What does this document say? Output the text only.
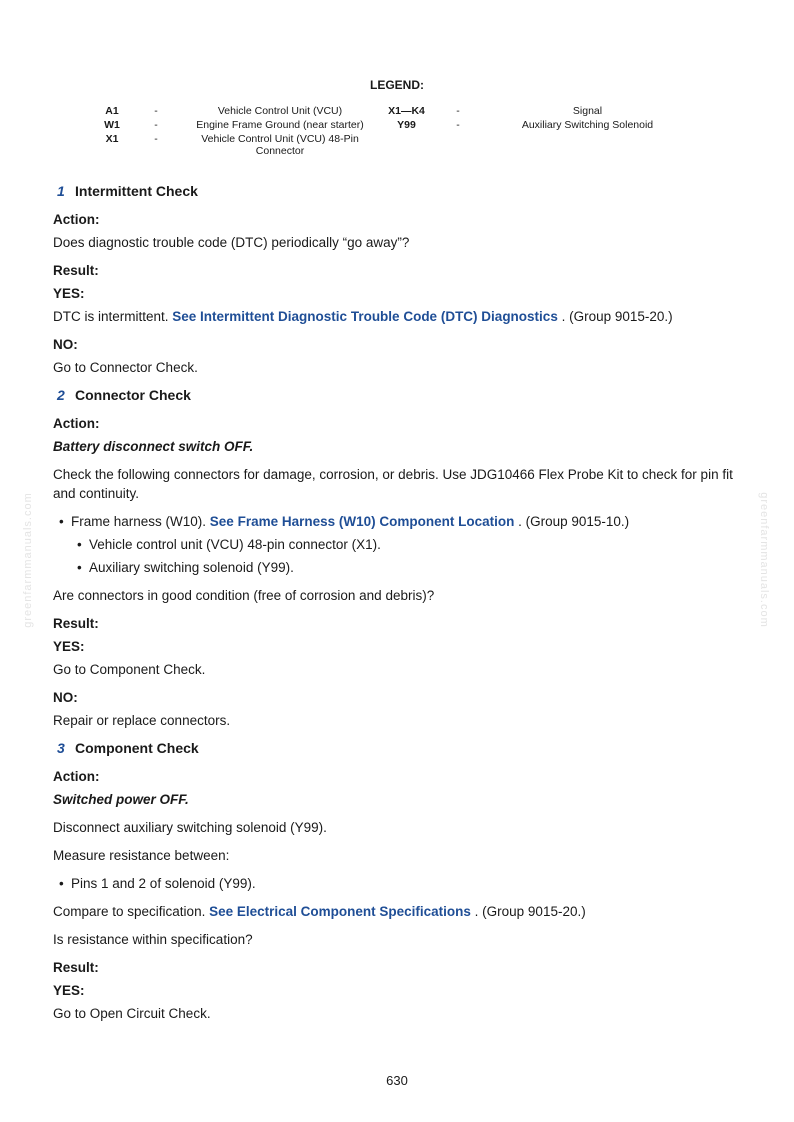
LEGEND:
A1	-	Vehicle Control Unit (VCU)	X1—K4	-	Signal
W1	-	Engine Frame Ground (near starter)	Y99	-	Auxiliary Switching Solenoid
X1	-	Vehicle Control Unit (VCU) 48-Pin Connector			
1 Intermittent Check
Action:
Does diagnostic trouble code (DTC) periodically “go away”?
Result:
YES:
DTC is intermittent. See Intermittent Diagnostic Trouble Code (DTC) Diagnostics . (Group 9015-20.)
NO:
Go to Connector Check.
2 Connector Check
Action:
Battery disconnect switch OFF.
Check the following connectors for damage, corrosion, or debris. Use JDG10466 Flex Probe Kit to check for pin fit and continuity.
• Frame harness (W10). See Frame Harness (W10) Component Location . (Group 9015-10.)
• Vehicle control unit (VCU) 48-pin connector (X1).
• Auxiliary switching solenoid (Y99).
Are connectors in good condition (free of corrosion and debris)?
Result:
YES:
Go to Component Check.
NO:
Repair or replace connectors.
3 Component Check
Action:
Switched power OFF.
Disconnect auxiliary switching solenoid (Y99).
Measure resistance between:
• Pins 1 and 2 of solenoid (Y99).
Compare to specification. See Electrical Component Specifications . (Group 9015-20.)
Is resistance within specification?
Result:
YES:
Go to Open Circuit Check.
greenfarmmanuals.com	greenfarmmanuals.com
630
